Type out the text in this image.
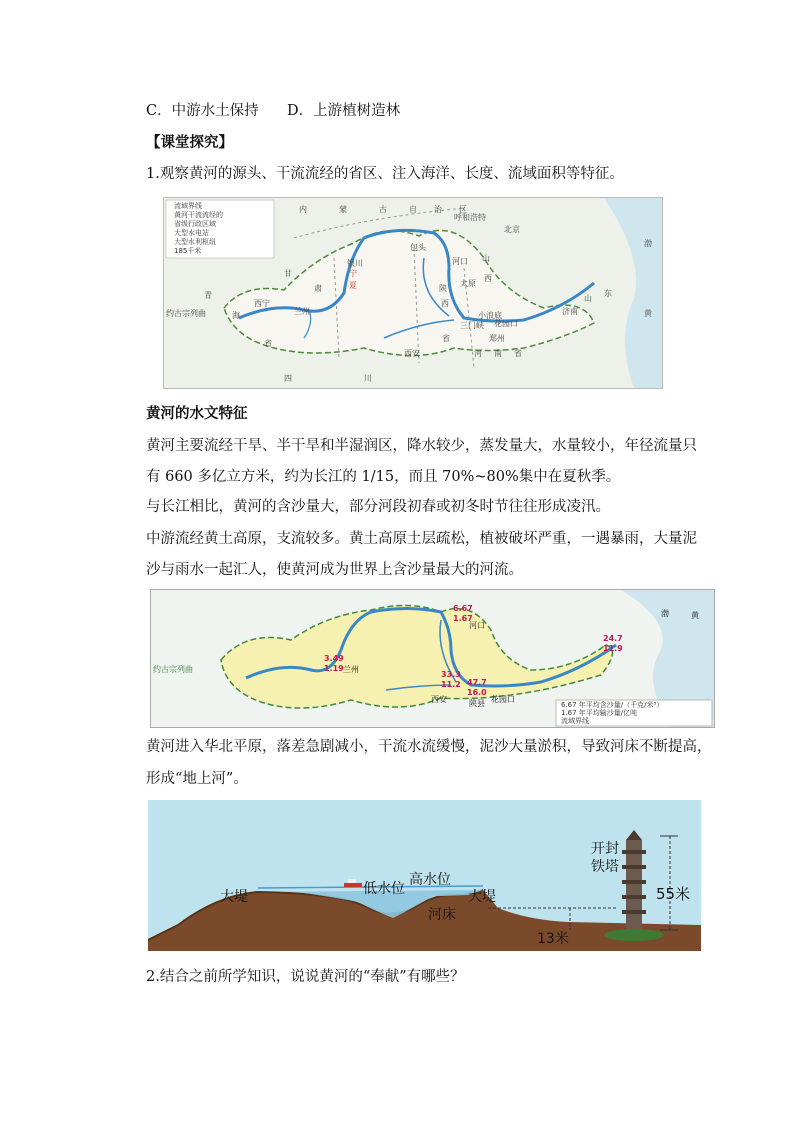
C．中游水土保持 D．上游植树造林
【课堂探究】
1.观察黄河的源头、干流流经的省区、注入海洋、长度、流域面积等特征。
流域界线
黄河干流流经的
省级行政区域
大型水电站
大型水利枢纽
185千米
内	蒙	古	自 治 区
青
海
省
甘
肃
宁
夏	陕
西
省
山
西
河 南 省
山
东
四	川
渤
黄
呼和浩特
包头
北京
银川
太原
兰州
西宁
西安
郑州
济南
三门峡
小浪底
花园口
约古宗列曲
河口
黄河的水文特征
黄河主要流经干旱、半干旱和半湿润区，降水较少，蒸发量大，水量较小，年径流量只
有 660 多亿立方米，约为长江的 1/15，而且 70%~80%集中在夏秋季。
与长江相比，黄河的含沙量大，部分河段初春或初冬时节往往形成凌汛。
中游流经黄土高原，支流较多。黄土高原土层疏松，植被破坏严重，一遇暴雨，大量泥
沙与雨水一起汇人，使黄河成为世界上含沙量最大的河流。
6.67
1.67
3.49
1.19
33.3
11.2 47.7
16.0
24.7
11.9
兰州
西安
河口
花园口
约古宗列曲
陕县
渤	黄
6.67 年平均含沙量/（千克/米³）
1.67 年平均输沙量/亿吨
流域界线
黄河进入华北平原，落差急剧减小，干流水流缓慢，泥沙大量淤积，导致河床不断提高，
形成“地上河”。
大堤	大堤
低水位
高水位
河床
开封
铁塔
55米
13米
2.结合之前所学知识，说说黄河的“奉献”有哪些？
